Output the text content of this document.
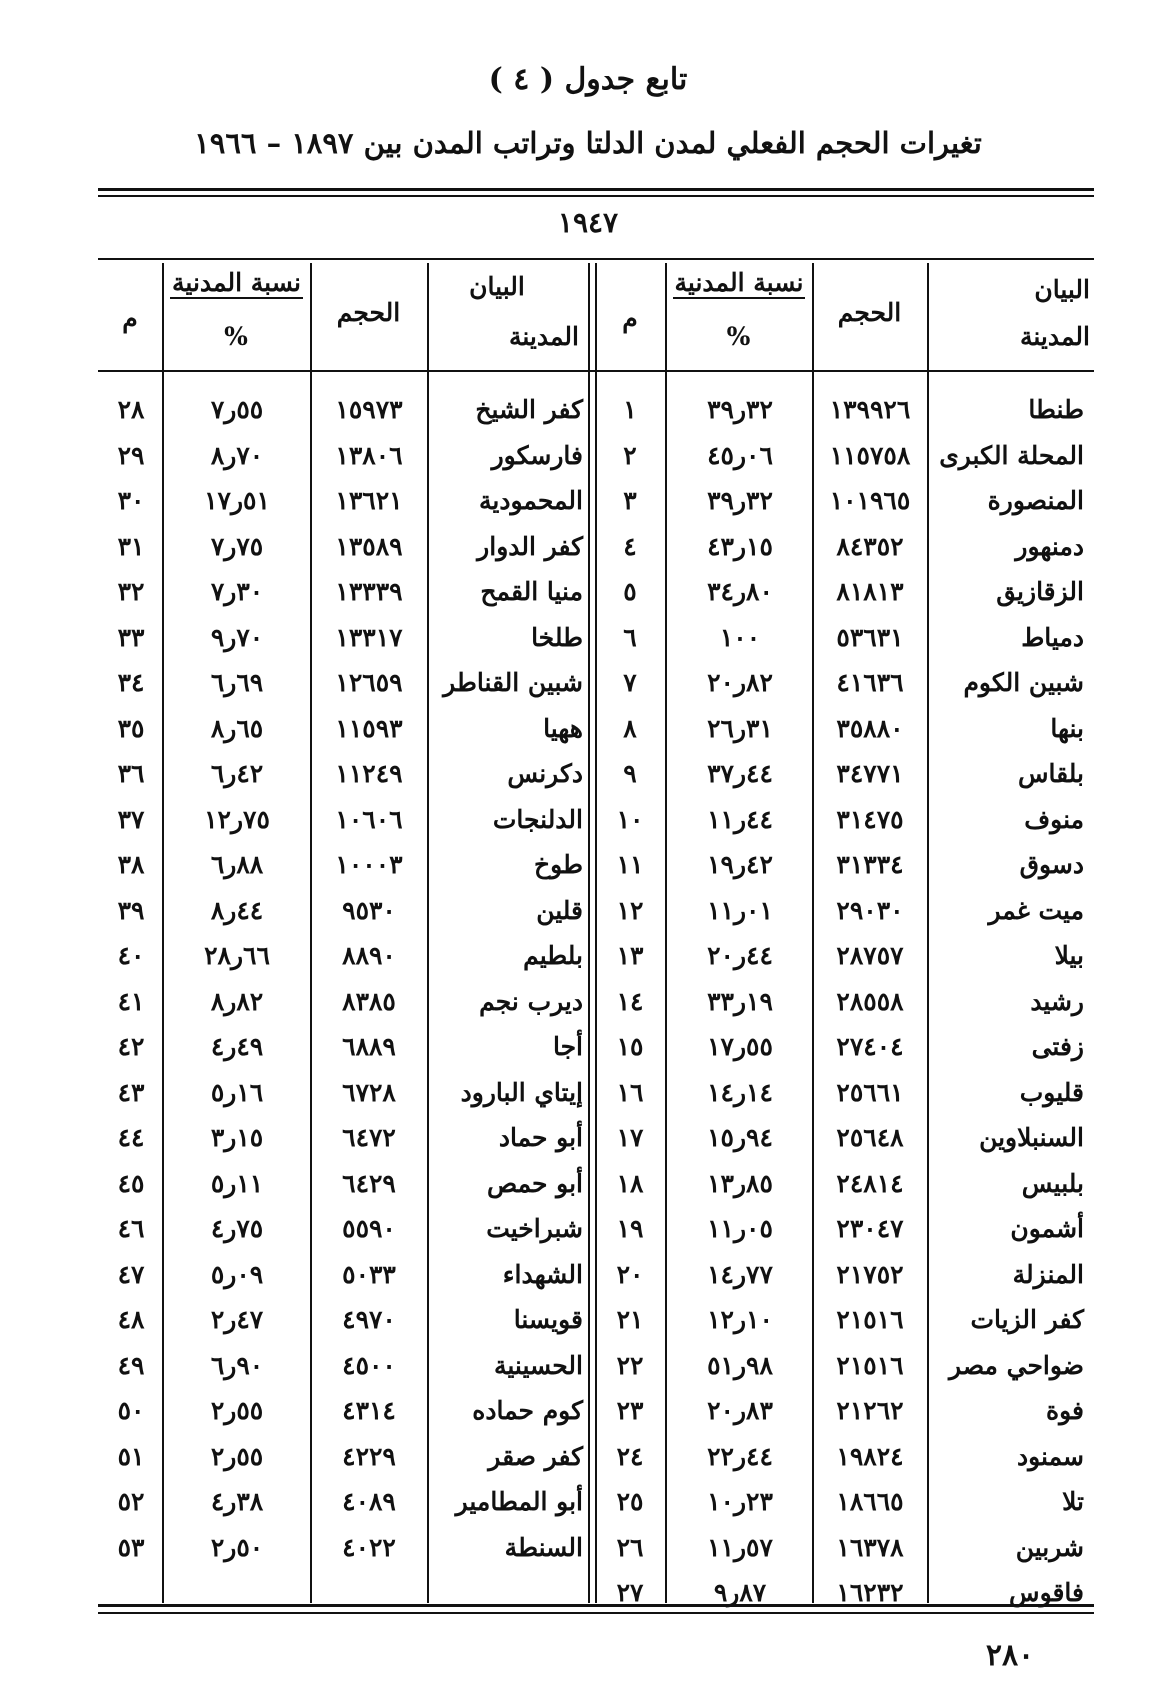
تابع جدول ( ٤ )
تغيرات الحجم الفعلي لمدن الدلتا وتراتب المدن بين ١٨٩٧ – ١٩٦٦
١٩٤٧
البيان
المدينة
الحجم
نسبة المدنية
%
م
البيان
المدينة
الحجم
نسبة المدنية
%
م
طنطا
١٣٩٩٢٦
٣٢ر٣٩
١
المحلة الكبرى
١١٥٧٥٨
٠٦ر٤٥
٢
المنصورة
١٠١٩٦٥
٣٢ر٣٩
٣
دمنهور
٨٤٣٥٢
١٥ر٤٣
٤
الزقازيق
٨١٨١٣
٨٠ر٣٤
٥
دمياط
٥٣٦٣١
١٠٠
٦
شبين الكوم
٤١٦٣٦
٨٢ر٢٠
٧
بنها
٣٥٨٨٠
٣١ر٢٦
٨
بلقاس
٣٤٧٧١
٤٤ر٣٧
٩
منوف
٣١٤٧٥
٤٤ر١١
١٠
دسوق
٣١٣٣٤
٤٢ر١٩
١١
ميت غمر
٢٩٠٣٠
٠١ر١١
١٢
بيلا
٢٨٧٥٧
٤٤ر٢٠
١٣
رشيد
٢٨٥٥٨
١٩ر٣٣
١٤
زفتى
٢٧٤٠٤
٥٥ر١٧
١٥
قليوب
٢٥٦٦١
١٤ر١٤
١٦
السنبلاوين
٢٥٦٤٨
٩٤ر١٥
١٧
بلبيس
٢٤٨١٤
٨٥ر١٣
١٨
أشمون
٢٣٠٤٧
٠٥ر١١
١٩
المنزلة
٢١٧٥٢
٧٧ر١٤
٢٠
كفر الزيات
٢١٥١٦
١٠ر١٢
٢١
ضواحي مصر
٢١٥١٦
٩٨ر٥١
٢٢
فوة
٢١٢٦٢
٨٣ر٢٠
٢٣
سمنود
١٩٨٢٤
٤٤ر٢٢
٢٤
تلا
١٨٦٦٥
٢٣ر١٠
٢٥
شربين
١٦٣٧٨
٥٧ر١١
٢٦
فاقوس
١٦٢٣٢
٨٧ر٩
٢٧
كفر الشيخ
١٥٩٧٣
٥٥ر٧
٢٨
فارسكور
١٣٨٠٦
٧٠ر٨
٢٩
المحمودية
١٣٦٢١
٥١ر١٧
٣٠
كفر الدوار
١٣٥٨٩
٧٥ر٧
٣١
منيا القمح
١٣٣٣٩
٣٠ر٧
٣٢
طلخا
١٣٣١٧
٧٠ر٩
٣٣
شبين القناطر
١٢٦٥٩
٦٩ر٦
٣٤
ههيا
١١٥٩٣
٦٥ر٨
٣٥
دكرنس
١١٢٤٩
٤٢ر٦
٣٦
الدلنجات
١٠٦٠٦
٧٥ر١٢
٣٧
طوخ
١٠٠٠٣
٨٨ر٦
٣٨
قلين
٩٥٣٠
٤٤ر٨
٣٩
بلطيم
٨٨٩٠
٦٦ر٢٨
٤٠
ديرب نجم
٨٣٨٥
٨٢ر٨
٤١
أجا
٦٨٨٩
٤٩ر٤
٤٢
إيتاي البارود
٦٧٢٨
١٦ر٥
٤٣
أبو حماد
٦٤٧٢
١٥ر٣
٤٤
أبو حمص
٦٤٢٩
١١ر٥
٤٥
شبراخيت
٥٥٩٠
٧٥ر٤
٤٦
الشهداء
٥٠٣٣
٠٩ر٥
٤٧
قويسنا
٤٩٧٠
٤٧ر٢
٤٨
الحسينية
٤٥٠٠
٩٠ر٦
٤٩
كوم حماده
٤٣١٤
٥٥ر٢
٥٠
كفر صقر
٤٢٢٩
٥٥ر٢
٥١
أبو المطامير
٤٠٨٩
٣٨ر٤
٥٢
السنطة
٤٠٢٢
٥٠ر٢
٥٣
٢٨٠
